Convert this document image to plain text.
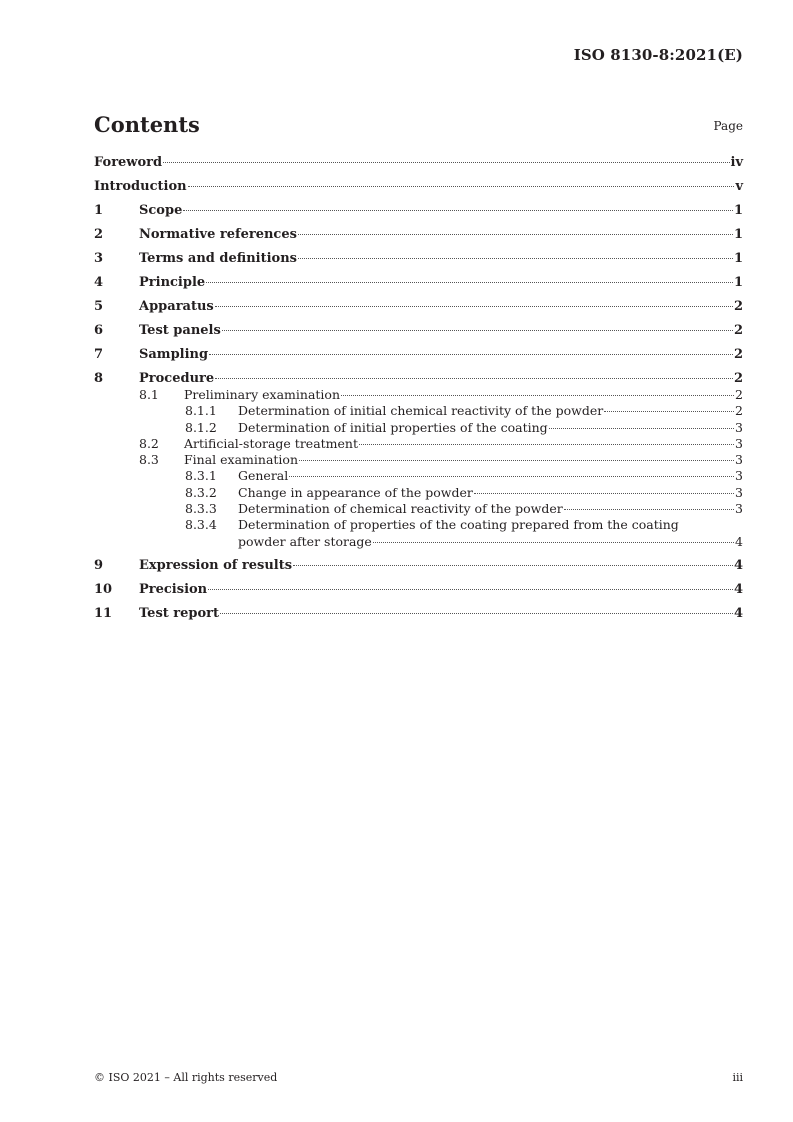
ISO 8130-8:2021(E)
Contents	Page
Foreword	iv
Introduction	v
1	Scope	1
2	Normative references	1
3	Terms and definitions	1
4	Principle	1
5	Apparatus	2
6	Test panels	2
7	Sampling	2
8	Procedure	2
8.1	Preliminary examination	2
8.1.1	Determination of initial chemical reactivity of the powder	2
8.1.2	Determination of initial properties of the coating	3
8.2	Artificial-storage treatment	3
8.3	Final examination	3
8.3.1	General	3
8.3.2	Change in appearance of the powder	3
8.3.3	Determination of chemical reactivity of the powder	3
8.3.4	Determination of properties of the coating prepared from the coating
powder after storage	4
9	Expression of results	4
10	Precision	4
11	Test report	4
© ISO 2021 – All rights reserved	iii
